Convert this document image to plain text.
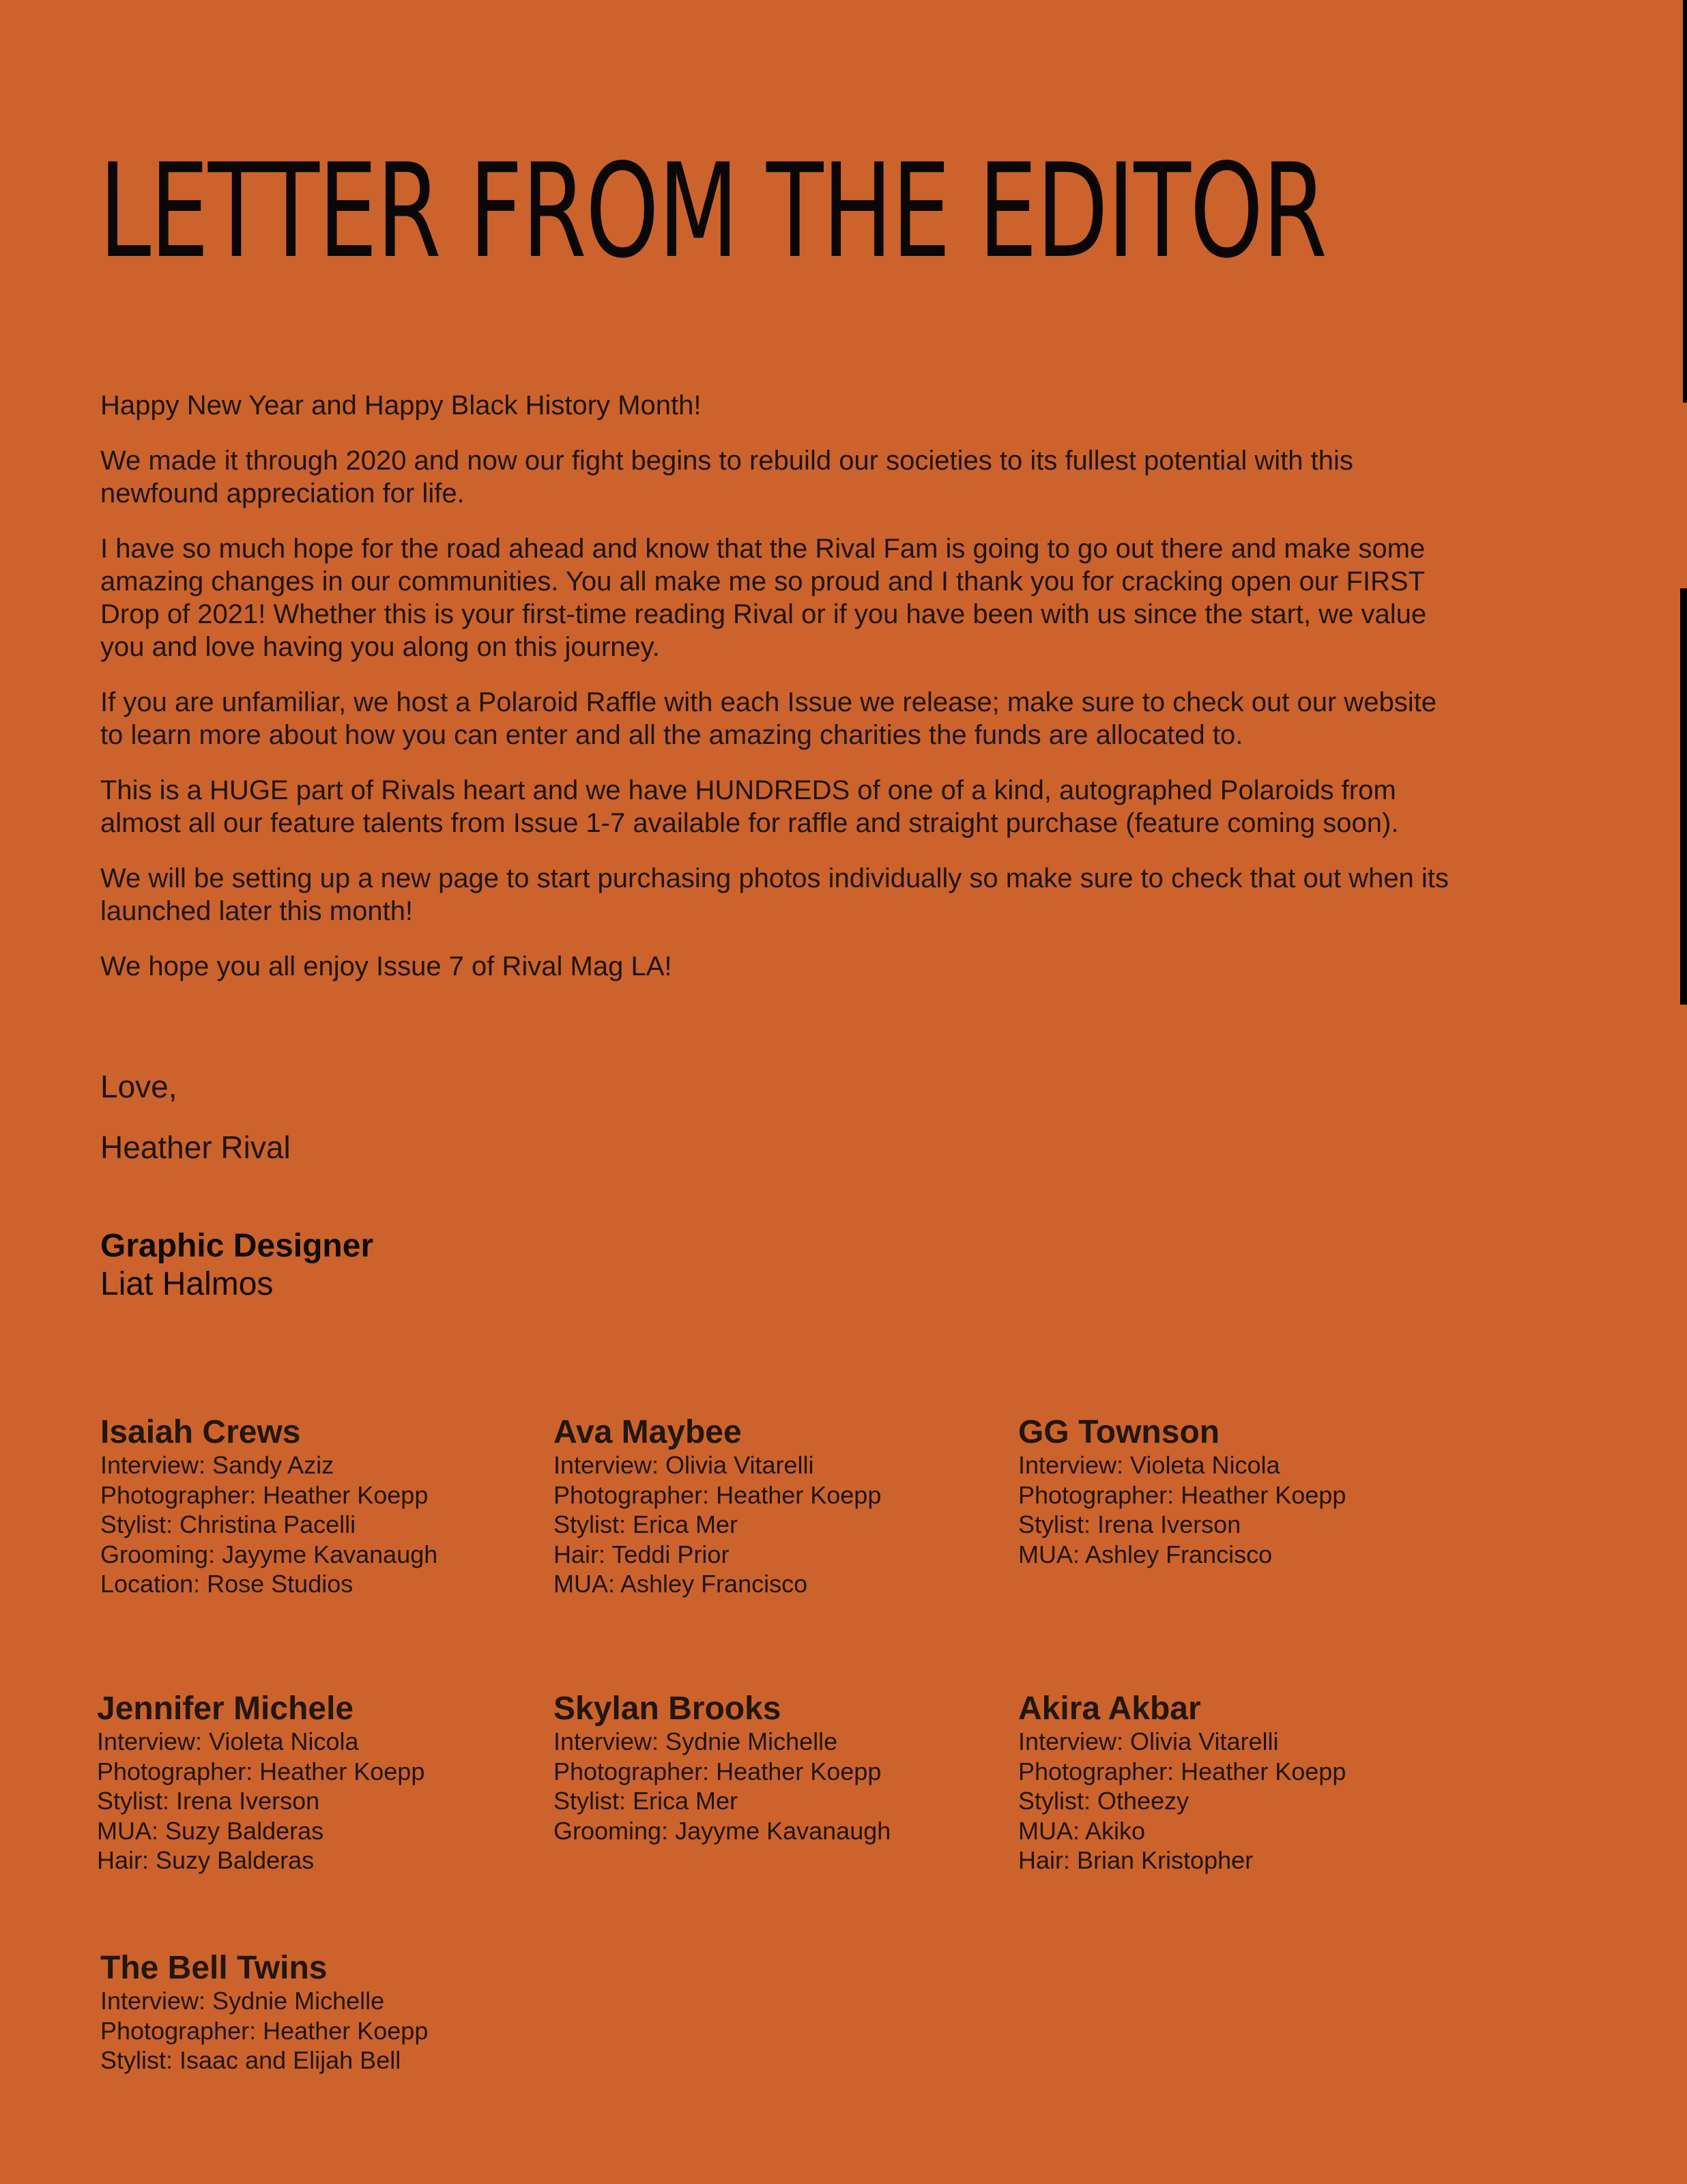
LETTER FROM THE EDITOR

Happy New Year and Happy Black History Month!

We made it through 2020 and now our fight begins to rebuild our societies to its fullest potential with this newfound appreciation for life.

I have so much hope for the road ahead and know that the Rival Fam is going to go out there and make some amazing changes in our communities. You all make me so proud and I thank you for cracking open our FIRST Drop of 2021! Whether this is your first-time reading Rival or if you have been with us since the start, we value you and love having you along on this journey.

If you are unfamiliar, we host a Polaroid Raffle with each Issue we release; make sure to check out our website to learn more about how you can enter and all the amazing charities the funds are allocated to.

This is a HUGE part of Rivals heart and we have HUNDREDS of one of a kind, autographed Polaroids from almost all our feature talents from Issue 1-7 available for raffle and straight purchase (feature coming soon).

We will be setting up a new page to start purchasing photos individually so make sure to check that out when its launched later this month!

We hope you all enjoy Issue 7 of Rival Mag LA!

Love,
Heather Rival
Graphic Designer
Liat Halmos
Isaiah Crews
Interview: Sandy Aziz
Photographer: Heather Koepp
Stylist: Christina Pacelli
Grooming: Jayyme Kavanaugh
Location: Rose Studios
Ava Maybee
Interview: Olivia Vitarelli
Photographer: Heather Koepp
Stylist: Erica Mer
Hair: Teddi Prior
MUA: Ashley Francisco
GG Townson
Interview: Violeta Nicola
Photographer: Heather Koepp
Stylist: Irena Iverson
MUA: Ashley Francisco
Jennifer Michele
Interview: Violeta Nicola
Photographer: Heather Koepp
Stylist: Irena Iverson
MUA: Suzy Balderas
Hair: Suzy Balderas
Skylan Brooks
Interview: Sydnie Michelle
Photographer: Heather Koepp
Stylist: Erica Mer
Grooming: Jayyme Kavanaugh
Akira Akbar
Interview: Olivia Vitarelli
Photographer: Heather Koepp
Stylist: Otheezy
MUA: Akiko
Hair: Brian Kristopher
The Bell Twins
Interview: Sydnie Michelle
Photographer: Heather Koepp
Stylist: Isaac and Elijah Bell
